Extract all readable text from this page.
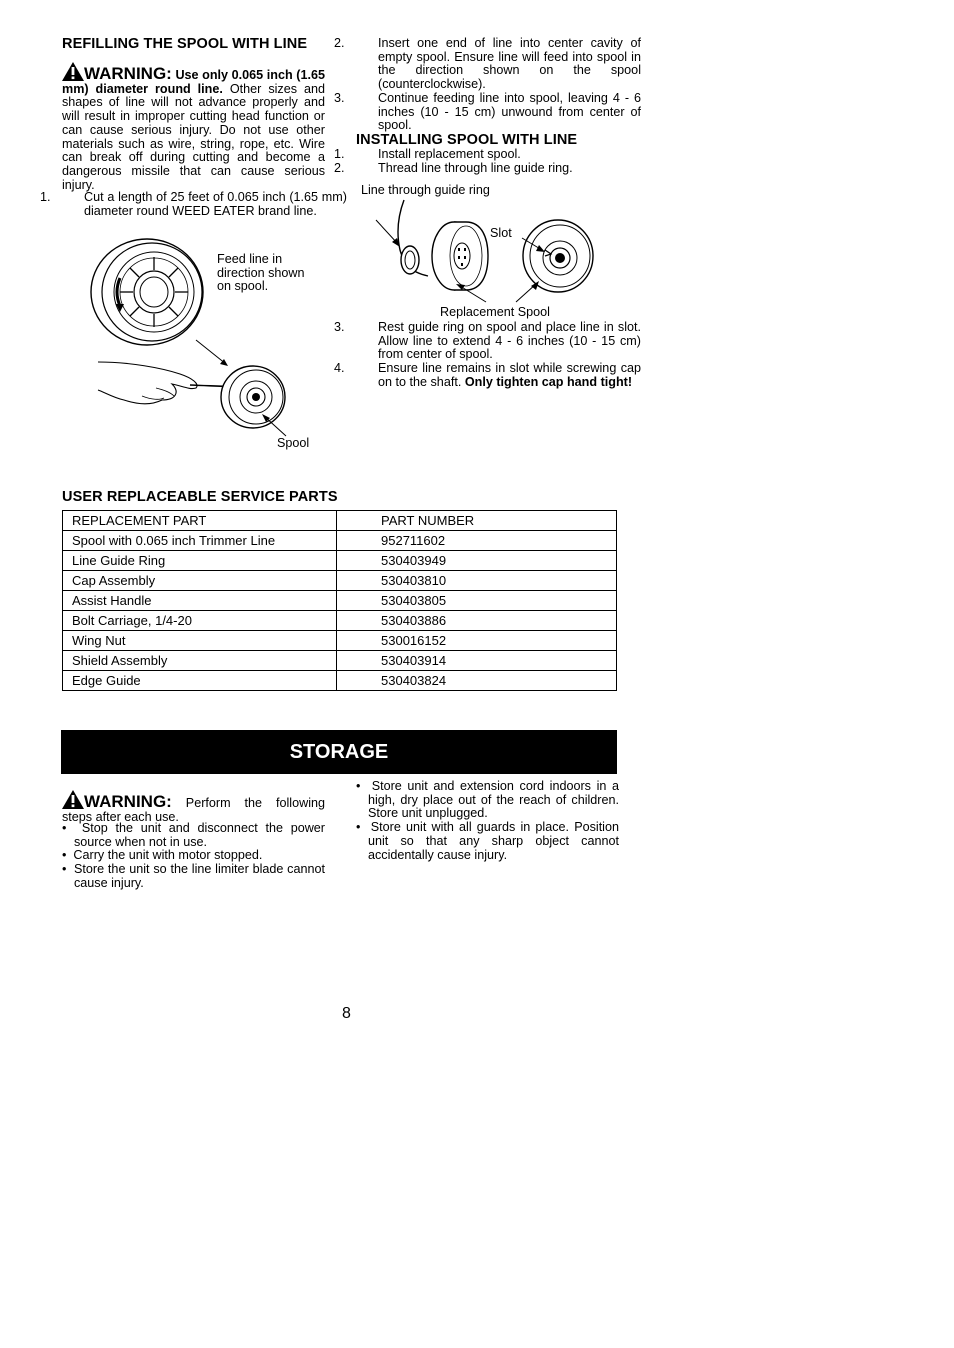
REFILLING THE SPOOL WITH LINE
WARNING: Use only 0.065 inch (1.65 mm) diameter round line. Other sizes and shapes of line will not advance properly and will result in improper cutting head function or can cause serious injury. Do not use other materials such as wire, string, rope, etc. Wire can break off during cutting and become a dangerous missile that can cause serious injury.
1.	Cut a length of 25 feet of 0.065 inch (1.65 mm) diameter round WEED EATER brand line.
Feed line in direction shown on spool.
Spool
2.	Insert one end of line into center cavity of empty spool. Ensure line will feed into spool in the direction shown on the spool (counterclockwise).
3.	Continue feeding line into spool, leaving 4 - 6 inches (10 - 15 cm) unwound from center of spool.
INSTALLING SPOOL WITH LINE
1.	Install replacement spool.
2.	Thread line through line guide ring.
Line through guide ring
Slot
Replacement Spool
3.	Rest guide ring on spool and place line in slot. Allow line to extend 4 - 6 inches (10 - 15 cm) from center of spool.
4.	Ensure line remains in slot while screwing cap on to the shaft. Only tighten cap hand tight!
USER REPLACEABLE SERVICE PARTS
REPLACEMENT PART	PART NUMBER
Spool with 0.065 inch Trimmer Line	952711602
Line Guide Ring	530403949
Cap Assembly	530403810
Assist Handle	530403805
Bolt Carriage, 1/4-20	530403886
Wing Nut	530016152
Shield Assembly	530403914
Edge Guide	530403824
STORAGE
WARNING: Perform the following steps after each use.
• Stop the unit and disconnect the power source when not in use.
• Carry the unit with motor stopped.
• Store the unit so the line limiter blade cannot cause injury.
• Store unit and extension cord indoors in a high, dry place out of the reach of children. Store unit unplugged.
• Store unit with all guards in place. Position unit so that any sharp object cannot accidentally cause injury.
8
